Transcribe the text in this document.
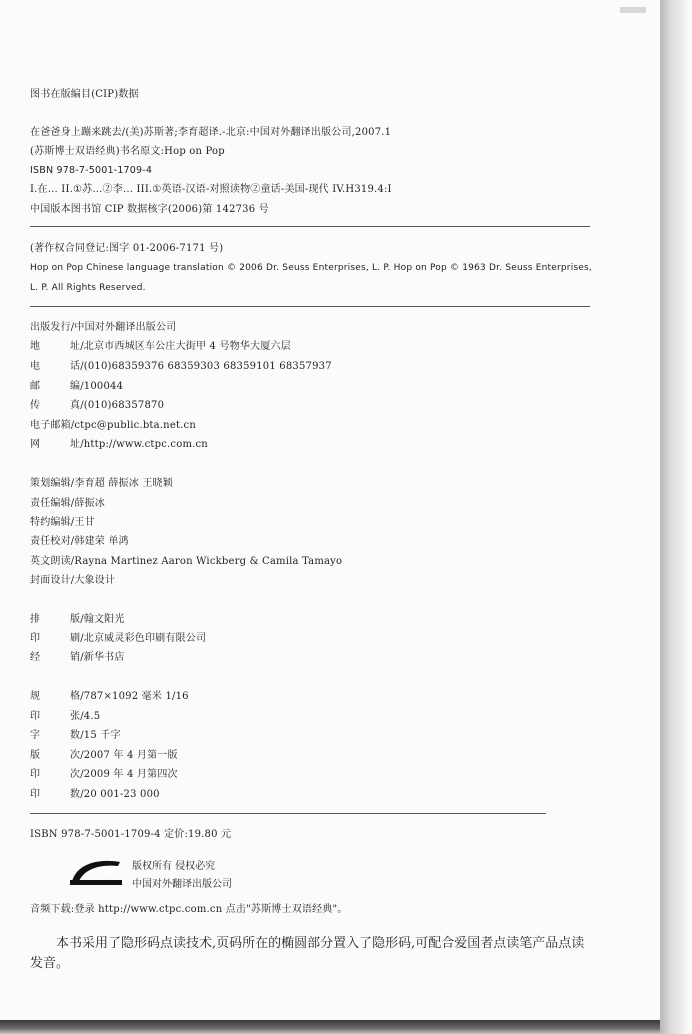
图书在版编目(CIP)数据
在爸爸身上蹦来跳去/(美)苏斯著;李育超译.-北京:中国对外翻译出版公司,2007.1
(苏斯博士双语经典)书名原文:Hop on Pop
ISBN 978-7-5001-1709-4
I.在… II.①苏…②李… III.①英语-汉语-对照读物②童话-美国-现代 IV.H319.4:I
中国版本图书馆 CIP 数据核字(2006)第 142736 号
(著作权合同登记:图字 01-2006-7171 号)
Hop on Pop Chinese language translation © 2006 Dr. Seuss Enterprises, L. P. Hop on Pop © 1963 Dr. Seuss Enterprises,
L. P. All Rights Reserved.
出版发行/中国对外翻译出版公司
地	址/北京市西城区车公庄大街甲 4 号物华大厦六层
电	话/(010)68359376 68359303 68359101 68357937
邮	编/100044
传	真/(010)68357870
电子邮箱/ctpc@public.bta.net.cn
网	址/http://www.ctpc.com.cn
策划编辑/李育超 薛振冰 王晓颖
责任编辑/薛振冰
特约编辑/王甘
责任校对/韩建荣 单鸿
英文朗读/Rayna Martinez Aaron Wickberg & Camila Tamayo
封面设计/大象设计
排	版/翰文阳光
印	刷/北京威灵彩色印刷有限公司
经	销/新华书店
规	格/787×1092 毫米 1/16
印	张/4.5
字	数/15 千字
版	次/2007 年 4 月第一版
印	次/2009 年 4 月第四次
印	数/20 001-23 000
ISBN 978-7-5001-1709-4 定价:19.80 元
CTPC
版权所有 侵权必究
中国对外翻译出版公司
音频下载:登录 http://www.ctpc.com.cn 点击"苏斯博士双语经典"。
本书采用了隐形码点读技术,页码所在的椭圆部分置入了隐形码,可配合爱国者点读笔产品点读发音。
